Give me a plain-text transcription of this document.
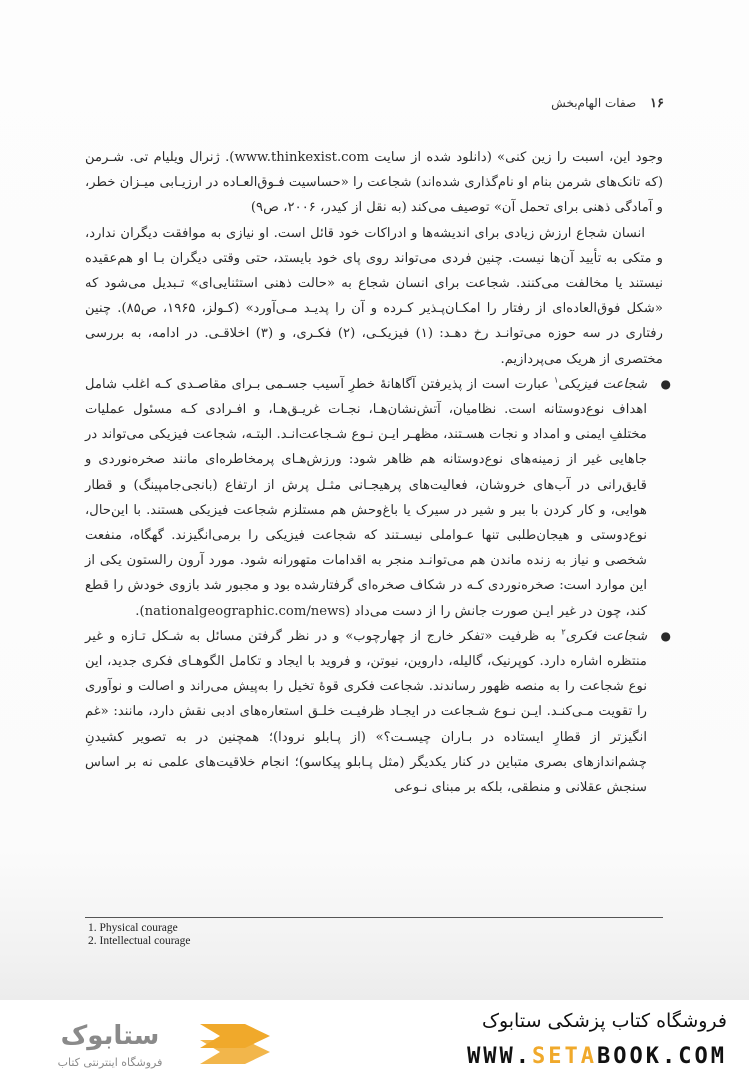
۱۶ صفات الهام‌بخش

وجود این، اسبت را زین کنی» (دانلود شده از سایت www.thinkexist.com). ژنرال ویلیام تی. شـرمن (که تانک‌های شرمن بنام او نام‌گذاری شده‌اند) شجاعت را «حساسیت فـوق‌العـاده در ارزیـابی میـزان خطر، و آمادگی ذهنی برای تحمل آن» توصیف می‌کند (به نقل از کیدر، ۲۰۰۶، ص۹)

انسان شجاع ارزش زیادی برای اندیشه‌ها و ادراکات خود قائل است. او نیازی به موافقت دیگران ندارد، و متکی به تأیید آن‌ها نیست. چنین فردی می‌تواند روی پای خود بایستد، حتی وقتی دیگران بـا او هم‌عقیده نیستند یا مخالفت می‌کنند. شجاعت برای انسان شجاع به «حالت ذهنی استثنایی‌ای» تـبدیل می‌شود که «شکل فوق‌العاده‌ای از رفتار را امکـان‌پـذیر کـرده و آن را پدیـد مـی‌آورد» (کـولز، ۱۹۶۵، ص۸۵). چنین رفتاری در سه حوزه می‌توانـد رخ دهـد: (۱) فیزیکـی، (۲) فکـری، و (۳) اخلاقـی. در ادامه، به بررسی مختصری از هریک می‌پردازیم.

●
شجاعت فیزیکی$^۱$ عبارت است از پذیرفتن آگاهانهٔ خطرِ آسیب جسـمی بـرای مقاصـدی کـه اغلب شامل اهداف نوع‌دوستانه است. نظامیان، آتش‌نشان‌هـا، نجـات غریـق‌هـا، و افـرادی کـه مسئول عملیات مختلفِ ایمنی و امداد و نجات هسـتند، مظهـر ایـن نـوع شـجاعت‌انـد. البتـه، شجاعت فیزیکی می‌تواند در جاهایی غیر از زمینه‌های نوع‌دوستانه هم ظاهر شود: ورزش‌هـای پرمخاطره‌ای مانند صخره‌نوردی و قایق‌رانی در آب‌های خروشان، فعالیت‌های پرهیجـانی مثـل پرش از ارتفاع (بانجی‌جامپینگ) و قطار هوایی، و کار کردن با ببر و شیر در سیرک یا باغ‌وحش هم مستلزم شجاعت فیزیکی هستند. با این‌حال، نوع‌دوستی و هیجان‌طلبی تنها عـواملی نیسـتند که شجاعت فیزیکی را برمی‌انگیزند. گهگاه، منفعت شخصی و نیاز به زنده ماندن هم می‌توانـد منجر به اقدامات متهورانه شود. مورد آرون رالستون یکی از این موارد است: صخره‌نوردی کـه در شکاف صخره‌ای گرفتارشده بود و مجبور شد بازوی خودش را قطع کند، چون در غیر ایـن صورت جانش را از دست می‌داد (nationalgeographic.com/news).
●
شجاعت فکری$^۲$ به ظرفیت «تفکر خارج از چهارچوب» و در نظر گرفتن مسائل به شـکل تـازه و غیر منتظره اشاره دارد. کوپرنیک، گالیله، داروین، نیوتن، و فروید با ایجاد و تکامل الگوهـای فکری جدید، این نوع شجاعت را به منصه ظهور رساندند. شجاعت فکری قوهٔ تخیل را به‌پیش می‌راند و اصالت و نوآوری را تقویت مـی‌کنـد. ایـن نـوع شـجاعت در ایجـاد ظرفیـت خلـق استعاره‌های ادبی نقش دارد، مانند: «غم انگیزتر از قطارِ ایستاده در بـاران چیسـت؟» (از پـابلو نرودا)؛ همچنین در به تصویر کشیدنِ چشم‌اندازهای بصری متباین در کنار یکدیگر (مثل پـابلو پیکاسو)؛ انجام خلاقیت‌های علمی نه بر اساس سنجش عقلانی و منطقی، بلکه بر مبنای نـوعی
1. Physical courage
2. Intellectual courage
ستابوک
فروشگاه اینترنتی کتاب
فروشگاه کتاب پزشکی ستابوک
WWW.SETABOOK.COM
